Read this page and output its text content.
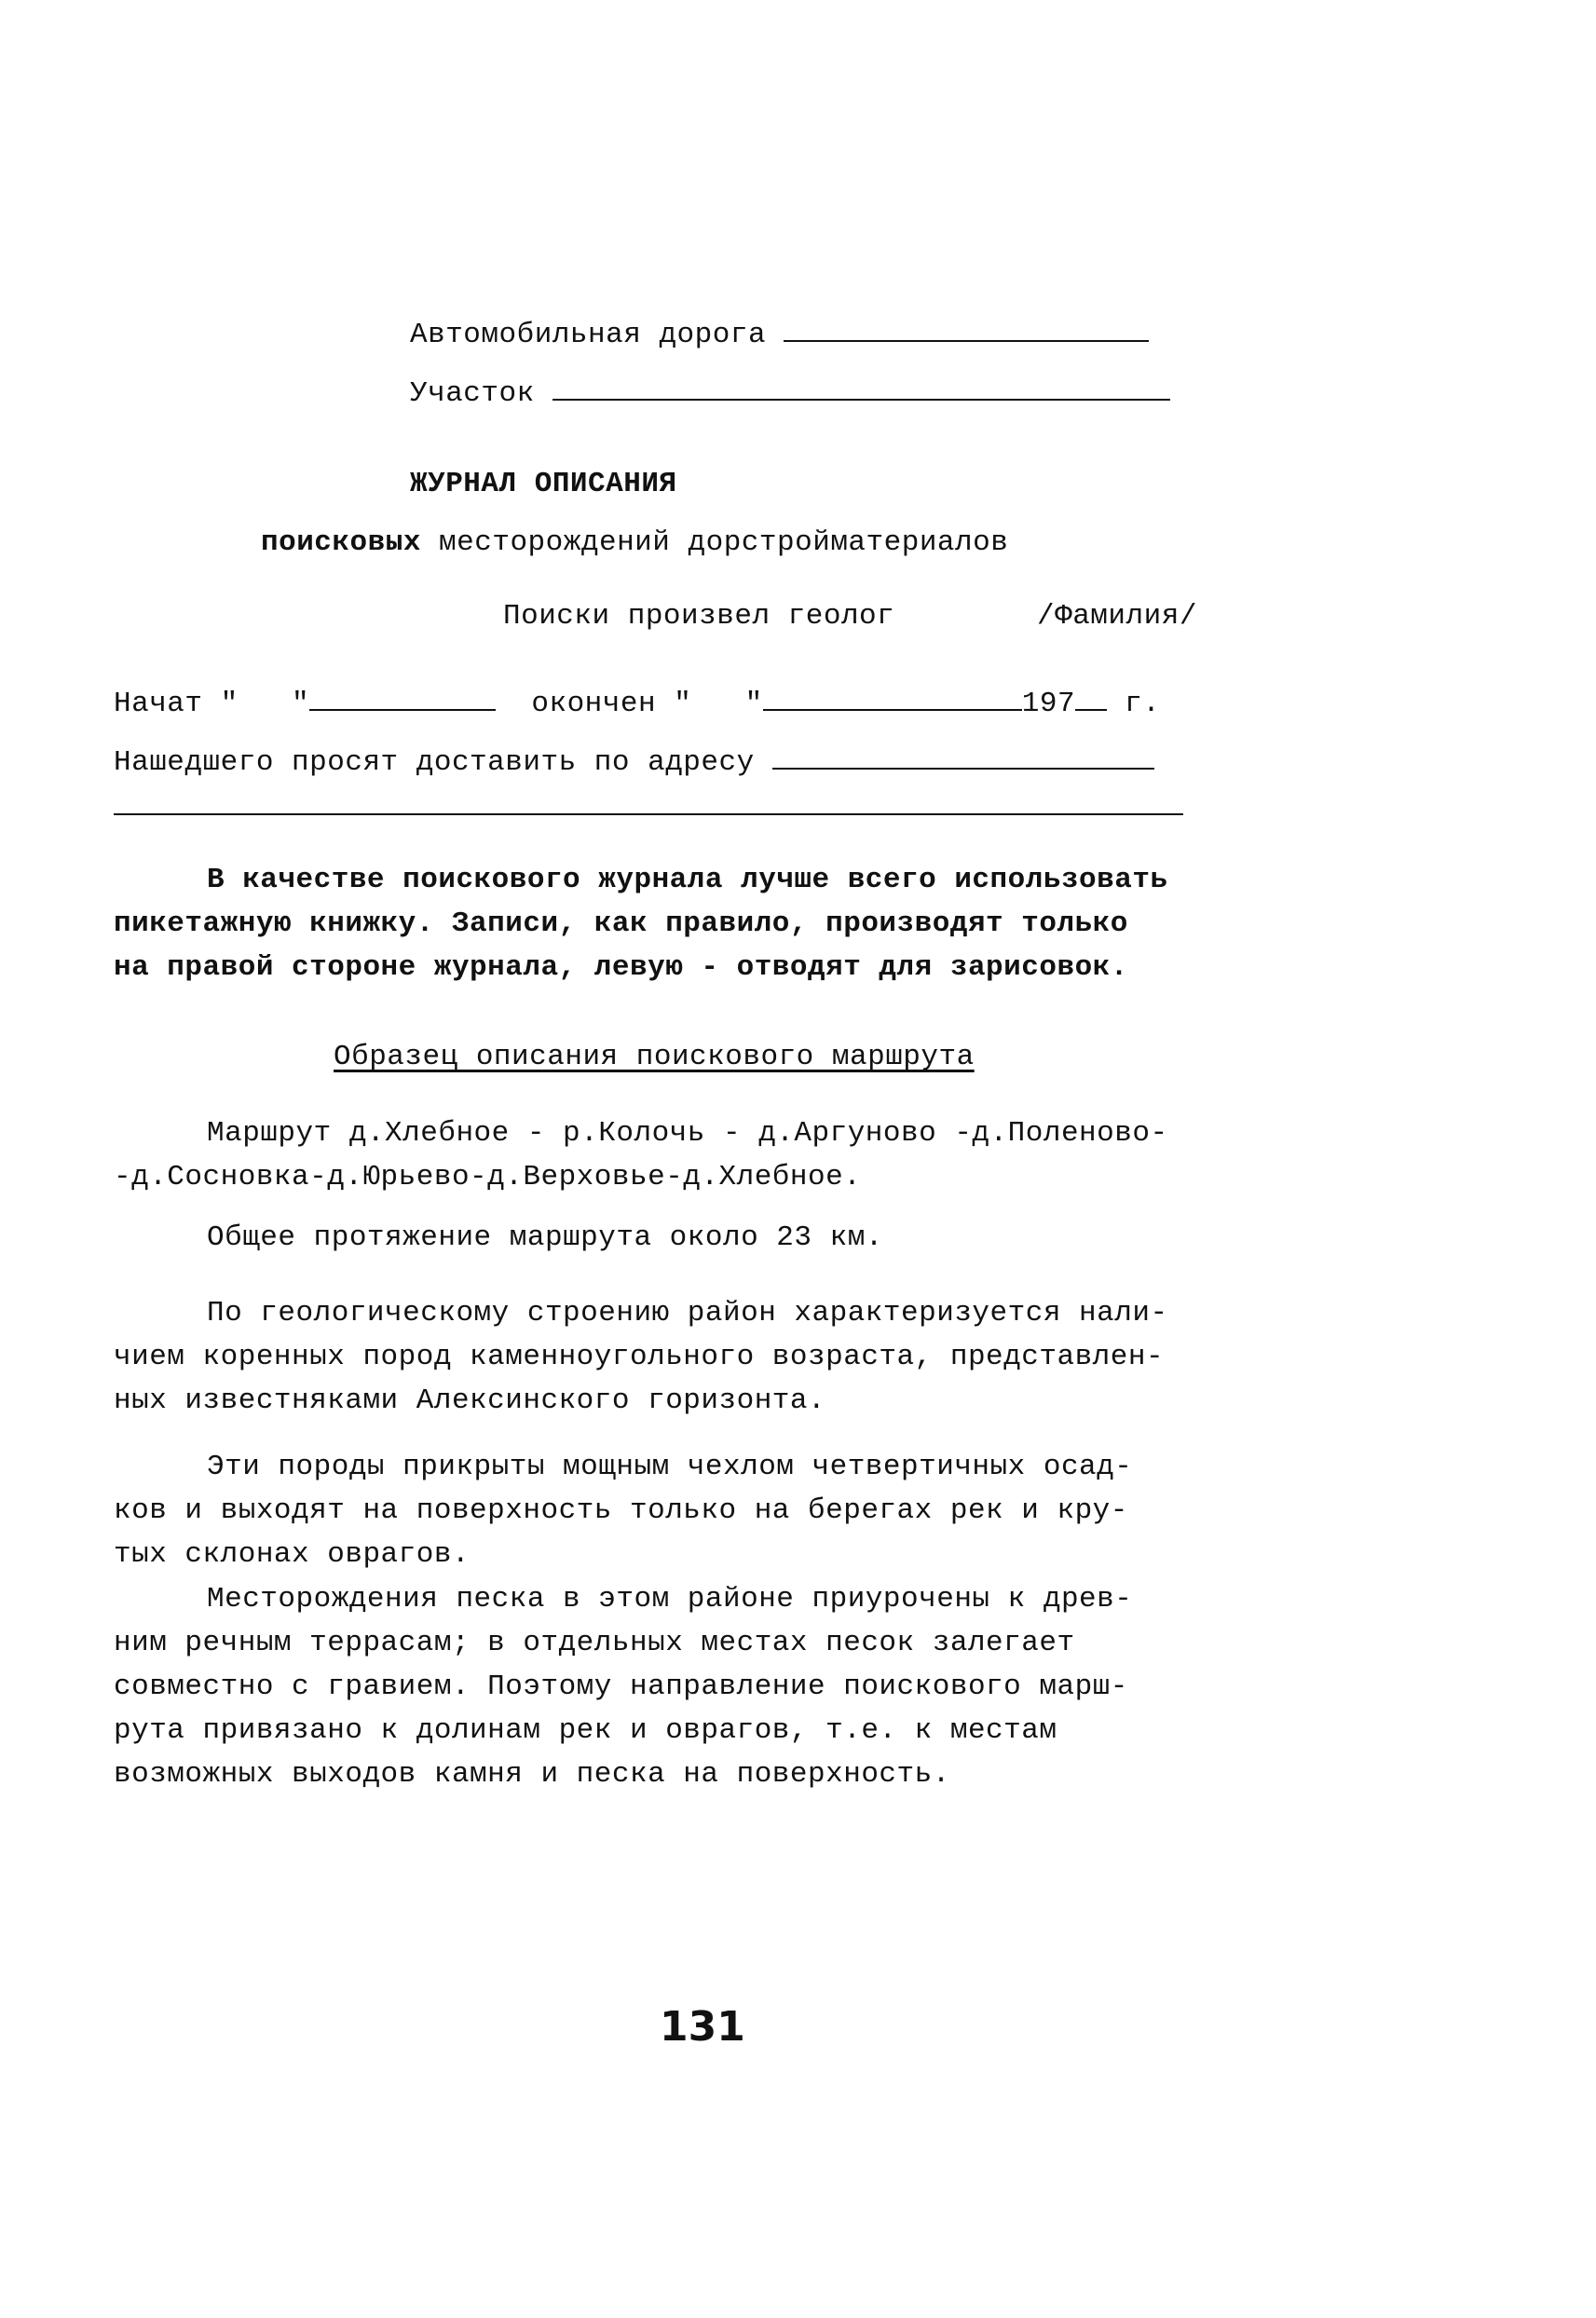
Автомобильная дорога
Участок
ЖУРНАЛ ОПИСАНИЯ
поисковых месторождений дорстройматериалов
Поиски произвел геолог	/Фамилия/
Начат " "	окончен " "	197 г.
Нашедшего просят доставить по адресу
В качестве поискового журнала лучше всего использовать
пикетажную книжку. Записи, как правило, производят только
на правой стороне журнала, левую - отводят для зарисовок.
Образец описания поискового маршрута
Маршрут д.Хлебное - р.Колочь - д.Аргуново -д.Поленово-
-д.Сосновка-д.Юрьево-д.Верховье-д.Хлебное.
Общее протяжение маршрута около 23 км.
По геологическому строению район характеризуется нали-
чием коренных пород каменноугольного возраста, представлен-
ных известняками Алексинского горизонта.
Эти породы прикрыты мощным чехлом четвертичных осад-
ков и выходят на поверхность только на берегах рек и кру-
тых склонах оврагов.
Месторождения песка в этом районе приурочены к древ-
ним речным террасам; в отдельных местах песок залегает
совместно с гравием. Поэтому направление поискового марш-
рута привязано к долинам рек и оврагов, т.е. к местам
возможных выходов камня и песка на поверхность.
131
